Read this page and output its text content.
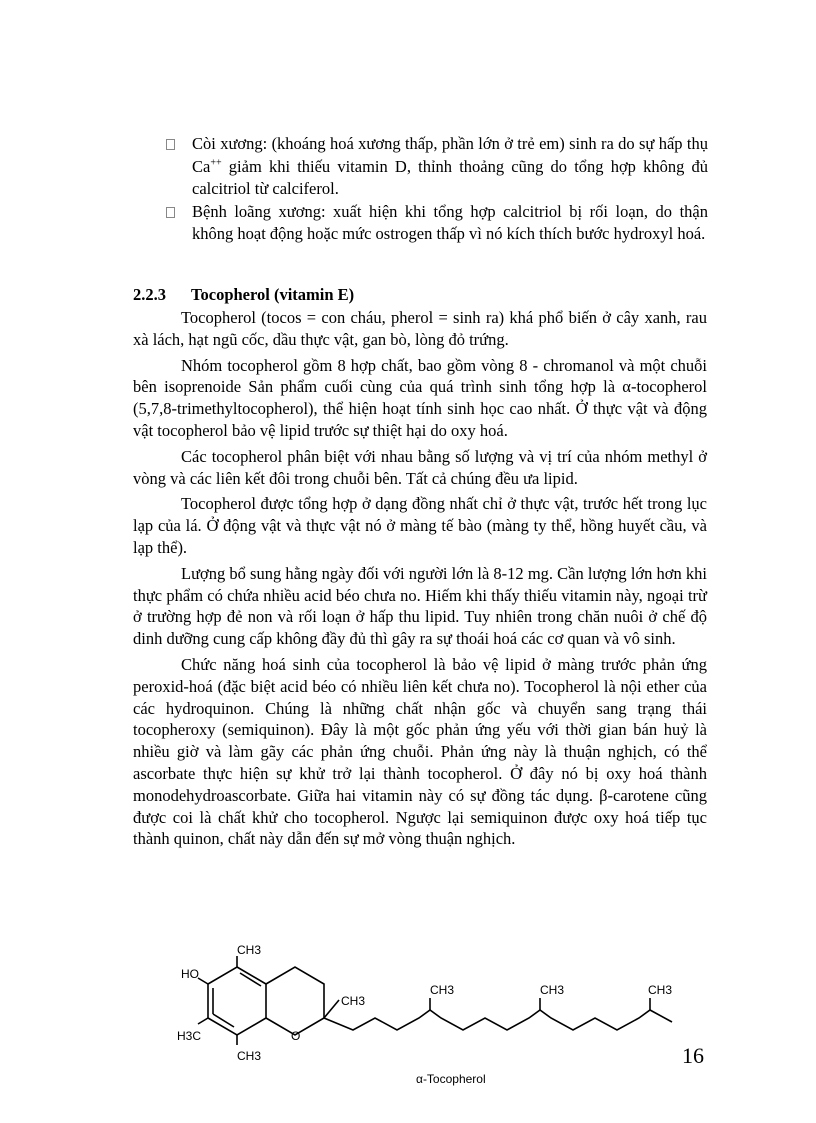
Còi xương: (khoáng hoá xương thấp, phần lớn ở trẻ em) sinh ra do sự hấp thụ Ca++ giảm khi thiếu vitamin D, thỉnh thoảng cũng do tổng hợp không đủ calcitriol từ calciferol.
Bệnh loãng xương: xuất hiện khi tổng hợp calcitriol bị rối loạn, do thận không hoạt động hoặc mức ostrogen thấp vì nó kích thích bước hydroxyl hoá.
2.2.3 Tocopherol (vitamin E)

Tocopherol (tocos = con cháu, pherol = sinh ra) khá phổ biến ở cây xanh, rau xà lách, hạt ngũ cốc, dầu thực vật, gan bò, lòng đỏ trứng.

Nhóm tocopherol gồm 8 hợp chất, bao gồm vòng 8 - chromanol và một chuỗi bên isoprenoide Sản phẩm cuối cùng của quá trình sinh tổng hợp là α-tocopherol (5,7,8-trimethyltocopherol), thể hiện hoạt tính sinh học cao nhất. Ở thực vật và động vật tocopherol bảo vệ lipid trước sự thiệt hại do oxy hoá.

Các tocopherol phân biệt với nhau bằng số lượng và vị trí của nhóm methyl ở vòng và các liên kết đôi trong chuỗi bên. Tất cả chúng đều ưa lipid.

Tocopherol được tổng hợp ở dạng đồng nhất chỉ ở thực vật, trước hết trong lục lạp của lá. Ở động vật và thực vật nó ở màng tế bào (màng ty thể, hồng huyết cầu, và lạp thể).

Lượng bổ sung hằng ngày đối với người lớn là 8-12 mg. Cần lượng lớn hơn khi thực phẩm có chứa nhiều acid béo chưa no. Hiếm khi thấy thiếu vitamin này, ngoại trừ ở trường hợp đẻ non và rối loạn ở hấp thu lipid. Tuy nhiên trong chăn nuôi ở chế độ dinh dưỡng cung cấp không đầy đủ thì gây ra sự thoái hoá các cơ quan và vô sinh.

Chức năng hoá sinh của tocopherol là bảo vệ lipid ở màng trước phản ứng peroxid-hoá (đặc biệt acid béo có nhiều liên kết chưa no). Tocopherol là nội ether của các hydroquinon. Chúng là những chất nhận gốc và chuyển sang trạng thái tocopheroxy (semiquinon). Đây là một gốc phản ứng yếu với thời gian bán huỷ là nhiều giờ và làm gãy các phản ứng chuỗi. Phản ứng này là thuận nghịch, có thể ascorbate thực hiện sự khử trở lại thành tocopherol. Ở đây nó bị oxy hoá thành monodehydroascorbate. Giữa hai vitamin này có sự đồng tác dụng. β-carotene cũng được coi là chất khử cho tocopherol. Ngược lại semiquinon được oxy hoá tiếp tục thành quinon, chất này dẫn đến sự mở vòng thuận nghịch.

CH3
HO
H3C	O
CH3
CH3
CH3	CH3	CH3
α-Tocopherol
16
